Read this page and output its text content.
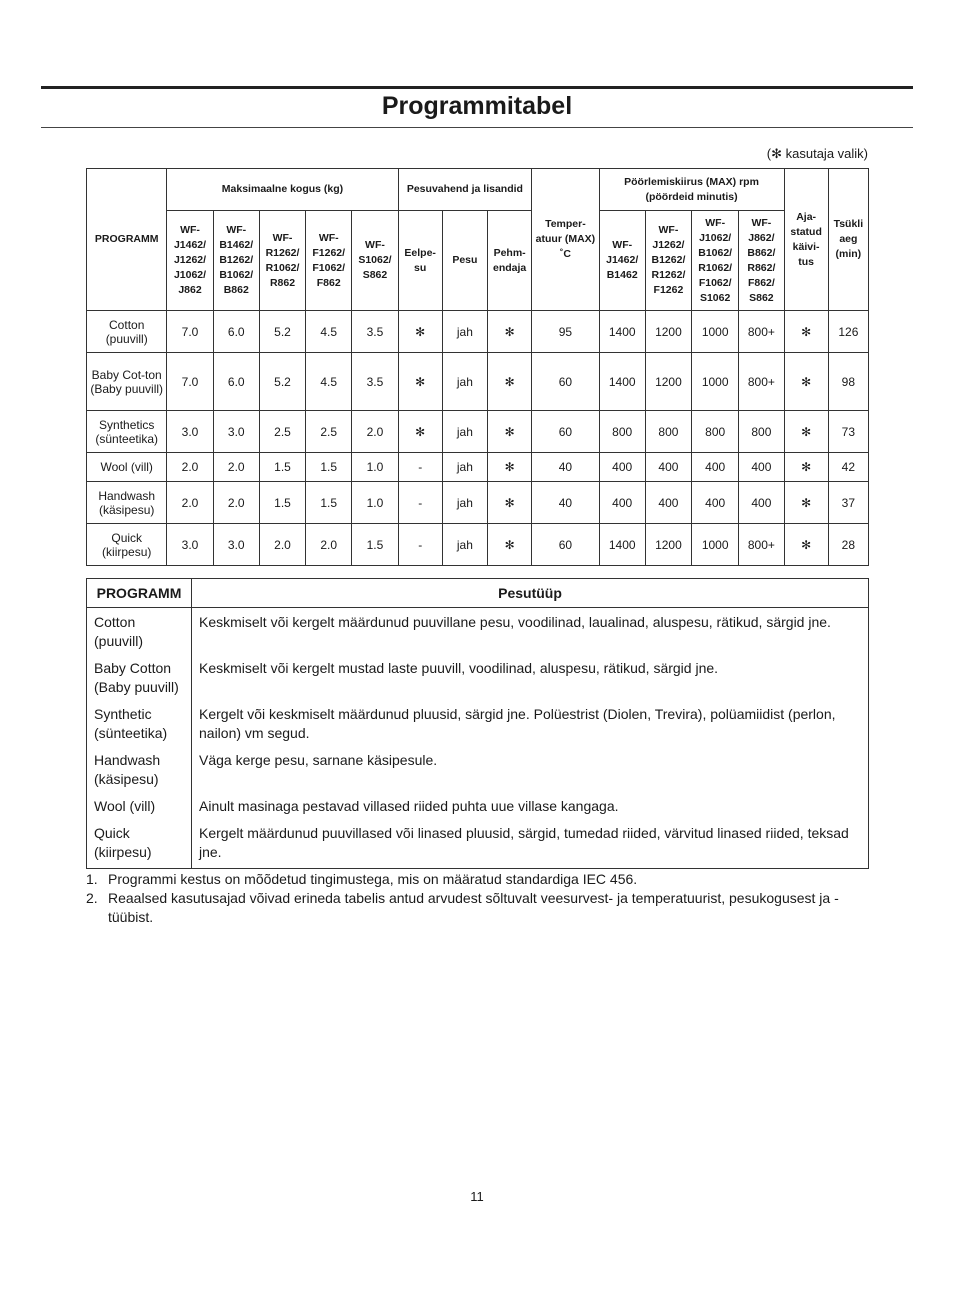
Programmitabel
(✻ kasutaja valik)
PROGRAMM	Maksimaalne kogus (kg)					Pesuvahend ja lisandid			Temper-atuur (MAX) ˚C	Pöörlemiskiirus (MAX) rpm (pöördeid minutis)				Aja-statud käivi-tus	Tsükli aeg (min)
	WF-J1462/ J1262/ J1062/ J862	WF-B1462/ B1262/ B1062/ B862	WF-R1262/ R1062/ R862	WF-F1262/ F1062/ F862	WF-S1062/ S862	Eelpe-su	Pesu	Pehm-endaja		WF-J1462/ B1462	WF-J1262/ B1262/ R1262/ F1262	WF-J1062/ B1062/ R1062/ F1062/ S1062	WF-J862/ B862/ R862/ F862/ S862		
Cotton (puuvill)	7.0	6.0	5.2	4.5	3.5	✻	jah	✻	95	1400	1200	1000	800+	✻	126
Baby Cot-ton (Baby puuvill)	7.0	6.0	5.2	4.5	3.5	✻	jah	✻	60	1400	1200	1000	800+	✻	98
Synthetics (sünteetika)	3.0	3.0	2.5	2.5	2.0	✻	jah	✻	60	800	800	800	800	✻	73
Wool (vill)	2.0	2.0	1.5	1.5	1.0	-	jah	✻	40	400	400	400	400	✻	42
Handwash (käsipesu)	2.0	2.0	1.5	1.5	1.0	-	jah	✻	40	400	400	400	400	✻	37
Quick (kiirpesu)	3.0	3.0	2.0	2.0	1.5	-	jah	✻	60	1400	1200	1000	800+	✻	28
PROGRAMM	Pesutüüp
Cotton (puuvill)	Keskmiselt või kergelt määrdunud puuvillane pesu, voodilinad, laualinad, aluspesu, rätikud, särgid jne.
Baby Cotton (Baby puuvill)	Keskmiselt või kergelt mustad laste puuvill, voodilinad, aluspesu, rätikud, särgid jne.
Synthetic (sünteetika)	Kergelt või keskmiselt määrdunud pluusid, särgid jne. Polüestrist (Diolen, Trevira), polüamiidist (perlon, nailon) vm segud.
Handwash (käsipesu)	Väga kerge pesu, sarnane käsipesule.
Wool (vill)	Ainult masinaga pestavad villased riided puhta uue villase kangaga.
Quick (kiirpesu)	Kergelt määrdunud puuvillased või linased pluusid, särgid, tumedad riided, värvitud linased riided, teksad jne.
1. Programmi kestus on mõõdetud tingimustega, mis on määratud standardiga IEC 456.
2. Reaalsed kasutusajad võivad erineda tabelis antud arvudest sõltuvalt veesurvest- ja temperatuurist, pesukogusest ja -tüübist.
11
